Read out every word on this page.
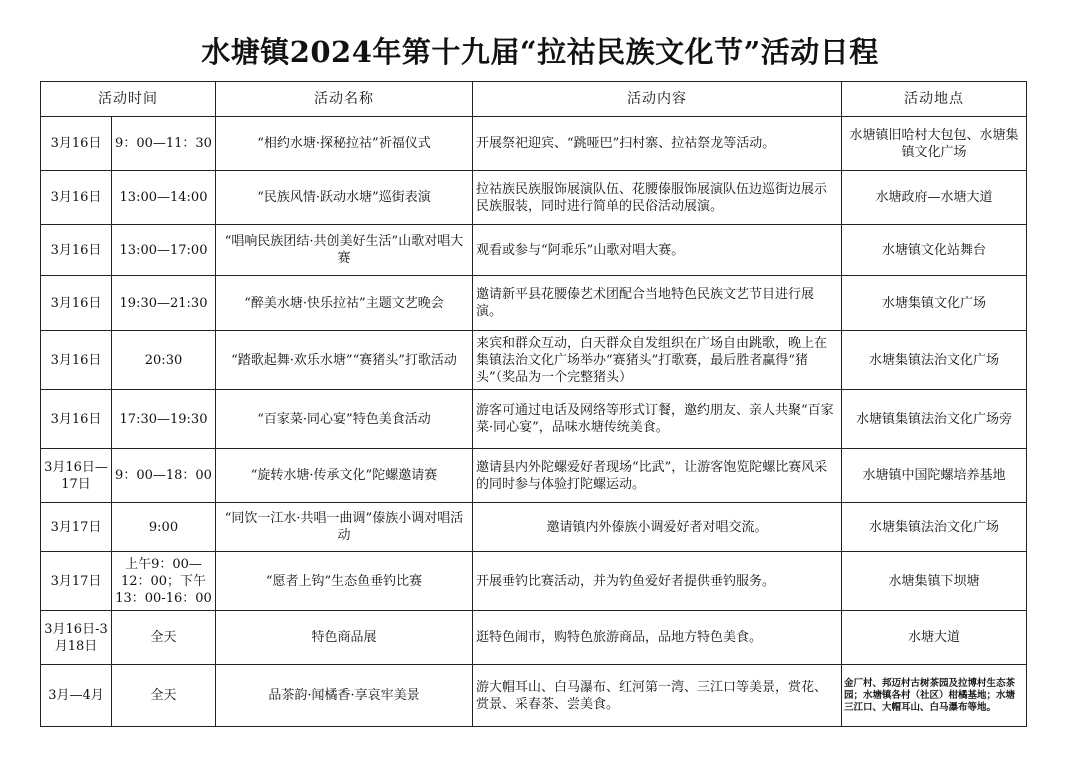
水塘镇2024年第十九届“拉祜民族文化节”活动日程
活动时间		活动名称	活动内容	活动地点
3月16日	9：00—11：30	“相约水塘·探秘拉祜”祈福仪式	开展祭祀迎宾、“跳哑巴”扫村寨、拉祜祭龙等活动。	水塘镇旧哈村大包包、水塘集镇文化广场
3月16日	13:00—14:00	“民族风情·跃动水塘”巡街表演	拉祜族民族服饰展演队伍、花腰傣服饰展演队伍边巡街边展示民族服装，同时进行简单的民俗活动展演。	水塘政府—水塘大道
3月16日	13:00—17:00	“唱响民族团结·共创美好生活”山歌对唱大赛	观看或参与“阿乖乐”山歌对唱大赛。	水塘镇文化站舞台
3月16日	19:30—21:30	“醉美水塘·快乐拉祜”主题文艺晚会	邀请新平县花腰傣艺术团配合当地特色民族文艺节目进行展演。	水塘集镇文化广场
3月16日	20:30	“踏歌起舞·欢乐水塘”“赛猪头”打歌活动	来宾和群众互动，白天群众自发组织在广场自由跳歌，晚上在集镇法治文化广场举办“赛猪头”打歌赛，最后胜者赢得“猪头”（奖品为一个完整猪头）	水塘集镇法治文化广场
3月16日	17:30—19:30	“百家菜·同心宴”特色美食活动	游客可通过电话及网络等形式订餐，邀约朋友、亲人共聚“百家菜·同心宴”，品味水塘传统美食。	水塘镇集镇法治文化广场旁
3月16日—17日	9：00—18：00	“旋转水塘·传承文化”陀螺邀请赛	邀请县内外陀螺爱好者现场“比武”，让游客饱览陀螺比赛风采的同时参与体验打陀螺运动。	水塘镇中国陀螺培养基地
3月17日	9:00	“同饮一江水·共唱一曲调”傣族小调对唱活动	邀请镇内外傣族小调爱好者对唱交流。	水塘集镇法治文化广场
3月17日	上午9：00—12：00；下午13：00-16：00	“愿者上钩”生态鱼垂钓比赛	开展垂钓比赛活动，并为钓鱼爱好者提供垂钓服务。	水塘集镇下坝塘
3月16日-3月18日	全天	特色商品展	逛特色闹市，购特色旅游商品，品地方特色美食。	水塘大道
3月—4月	全天	品茶韵·闻橘香·享哀牢美景	游大帽耳山、白马瀑布、红河第一湾、三江口等美景，赏花、赏景、采春茶、尝美食。	金厂村、邦迈村古树茶园及拉博村生态茶园；水塘镇各村（社区）柑橘基地；水塘三江口、大帽耳山、白马瀑布等地。
